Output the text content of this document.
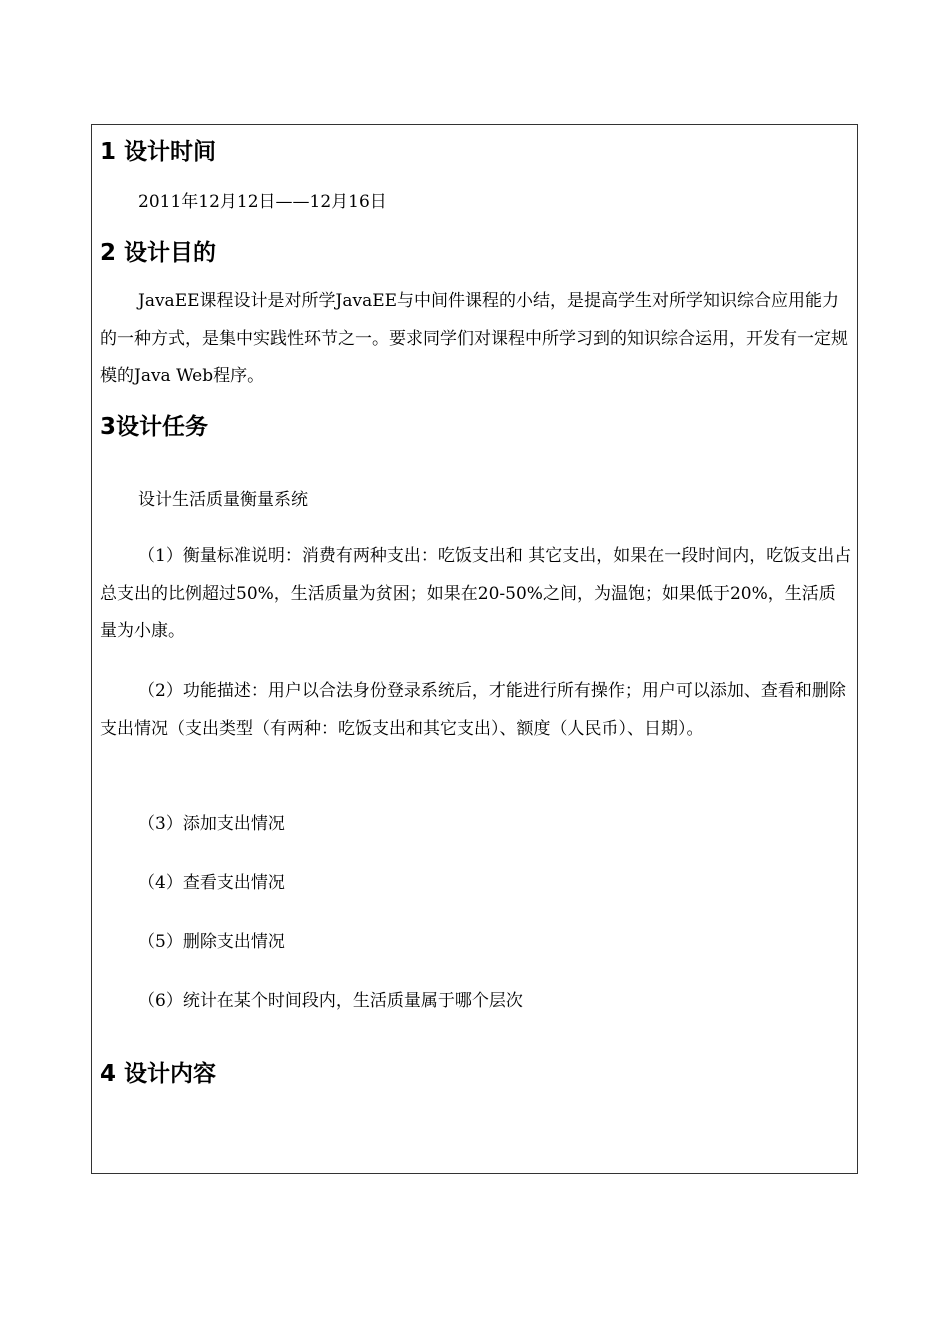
1 设计时间

2011年12月12日——12月16日

2 设计目的

JavaEE课程设计是对所学JavaEE与中间件课程的小结，是提高学生对所学知识综合应用能力的一种方式，是集中实践性环节之一。要求同学们对课程中所学习到的知识综合运用，开发有一定规模的Java Web程序。

3设计任务

设计生活质量衡量系统

（1）衡量标准说明：消费有两种支出：吃饭支出和 其它支出，如果在一段时间内，吃饭支出占总支出的比例超过50%，生活质量为贫困；如果在20-50%之间，为温饱；如果低于20%，生活质量为小康。

（2）功能描述：用户以合法身份登录系统后，才能进行所有操作；用户可以添加、查看和删除支出情况（支出类型（有两种：吃饭支出和其它支出）、额度（人民币）、日期）。

（3）添加支出情况

（4）查看支出情况

（5）删除支出情况

（6）统计在某个时间段内，生活质量属于哪个层次

4 设计内容
